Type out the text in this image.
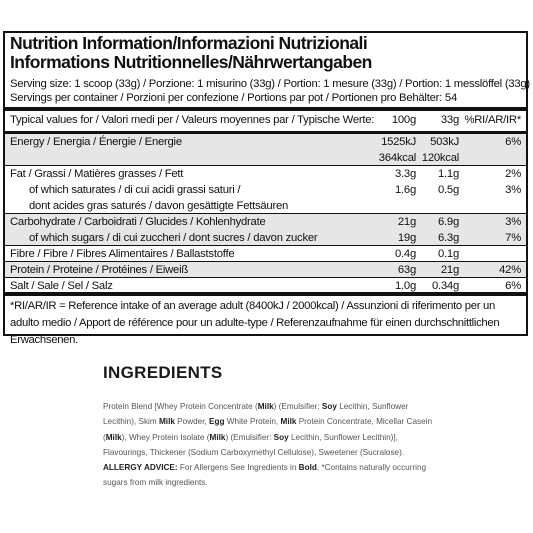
Nutrition Information/Informazioni Nutrizionali
Informations Nutritionnelles/Nährwertangaben
Serving size: 1 scoop (33g) / Porzione: 1 misurino (33g) / Portion: 1 mesure (33g) / Portion: 1 messlöffel (33g)
Servings per container / Porzioni per confezione / Portions par pot / Portionen pro Behälter: 54
Typical values for / Valori medi per / Valeurs moyennes par / Typische Werte: 100g 33g %RI/AR/IR*
Energy / Energia / Énergie / Energie	1525kJ 503kJ	6%
364kcal 120kcal
Fat / Grassi / Matières grasses / Fett	3.3g 1.1g	2%
of which saturates / di cui acidi grassi saturi /	1.6g 0.5g	3%
dont acides gras saturés / davon gesättigte Fettsäuren
Carbohydrate / Carboidrati / Glucides / Kohlenhydrate	21g 6.9g	3%
of which sugars / di cui zuccheri / dont sucres / davon zucker	19g 6.3g	7%
Fibre / Fibre / Fibres Alimentaires / Ballaststoffe	0.4g 0.1g
Protein / Proteine / Protéines / Eiweiß	63g 21g	42%
Salt / Sale / Sel / Salz	1.0g 0.34g	6%
*RI/AR/IR = Reference intake of an average adult (8400kJ / 2000kcal) / Assunzioni di riferimento per un adulto medio / Apport de référence pour un adulte-type / Referenzaufnahme für einen durchschnittlichen Erwachsenen.
INGREDIENTS
Protein Blend [Whey Protein Concentrate (Milk) (Emulsifier: Soy Lecithin, Sunflower Lecithin), Skim Milk Powder, Egg White Protein, Milk Protein Concentrate, Micellar Casein (Milk), Whey Protein Isolate (Milk) (Emulsifier: Soy Lecithin, Sunflower Lecithin)], Flavourings, Thickener (Sodium Carboxymethyl Cellulose), Sweetener (Sucralose). ALLERGY ADVICE: For Allergens See Ingredients in Bold. *Contains naturally occurring sugars from milk ingredients.
